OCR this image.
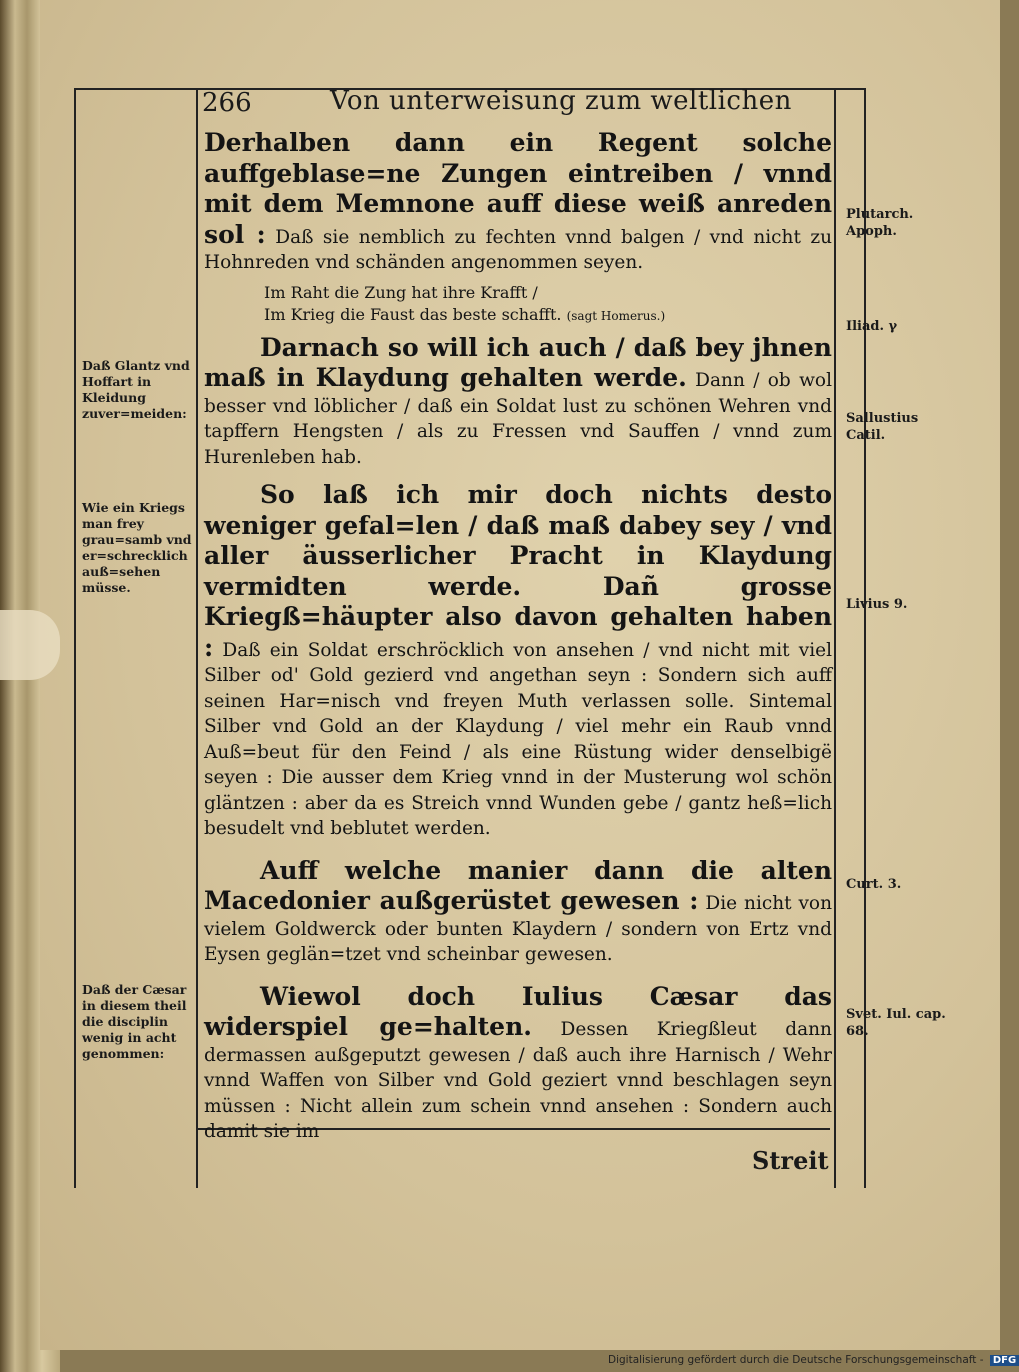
266	Von unterweisung zum weltlichen

Derhalben dann ein Regent solche auffgeblase=ne Zungen eintreiben / vnnd mit dem Memnone auff diese weiß anreden sol : Daß sie nemblich zu fechten vnnd balgen / vnd nicht zu Hohnreden vnd schänden angenommen seyen.

Im Raht die Zung hat ihre Krafft /
Im Krieg die Faust das beste schafft. (sagt Homerus.)

Darnach so will ich auch / daß bey jhnen maß in Klaydung gehalten werde. Dann / ob wol besser vnd löblicher / daß ein Soldat lust zu schönen Wehren vnd tapffern Hengsten / als zu Fressen vnd Sauffen / vnnd zum Hurenleben hab.

So laß ich mir doch nichts desto weniger gefal=len / daß maß dabey sey / vnd aller äusserlicher Pracht in Klaydung vermidten werde. Dañ grosse Kriegß=häupter also davon gehalten haben : Daß ein Soldat erschröcklich von ansehen / vnd nicht mit viel Silber od' Gold gezierd vnd angethan seyn : Sondern sich auff seinen Har=nisch vnd freyen Muth verlassen solle. Sintemal Silber vnd Gold an der Klaydung / viel mehr ein Raub vnnd Auß=beut für den Feind / als eine Rüstung wider denselbigë seyen : Die ausser dem Krieg vnnd in der Musterung wol schön gläntzen : aber da es Streich vnnd Wunden gebe / gantz heß=lich besudelt vnd beblutet werden.

Auff welche manier dann die alten Macedonier außgerüstet gewesen : Die nicht von vielem Goldwerck oder bunten Klaydern / sondern von Ertz vnd Eysen geglän=tzet vnd scheinbar gewesen.

Wiewol doch Iulius Cæsar das widerspiel ge=halten. Dessen Kriegßleut dann dermassen außgeputzt gewesen / daß auch ihre Harnisch / Wehr vnnd Waffen von Silber vnd Gold geziert vnnd beschlagen seyn müssen : Nicht allein zum schein vnnd ansehen : Sondern auch damit sie im

Daß Glantz vnd Hoffart in Kleidung zuver=meiden:
Wie ein Kriegs man frey grau=samb vnd er=schrecklich auß=sehen müsse.
Daß der Cæsar in diesem theil die disciplin wenig in acht genommen:
Plutarch. Apoph.
Iliad. γ
Sallustius Catil.
Livius 9.
Curt. 3.
Svet. Iul. cap. 68.
Streit
Digitalisierung gefördert durch die Deutsche Forschungsgemeinschaft - DFG
